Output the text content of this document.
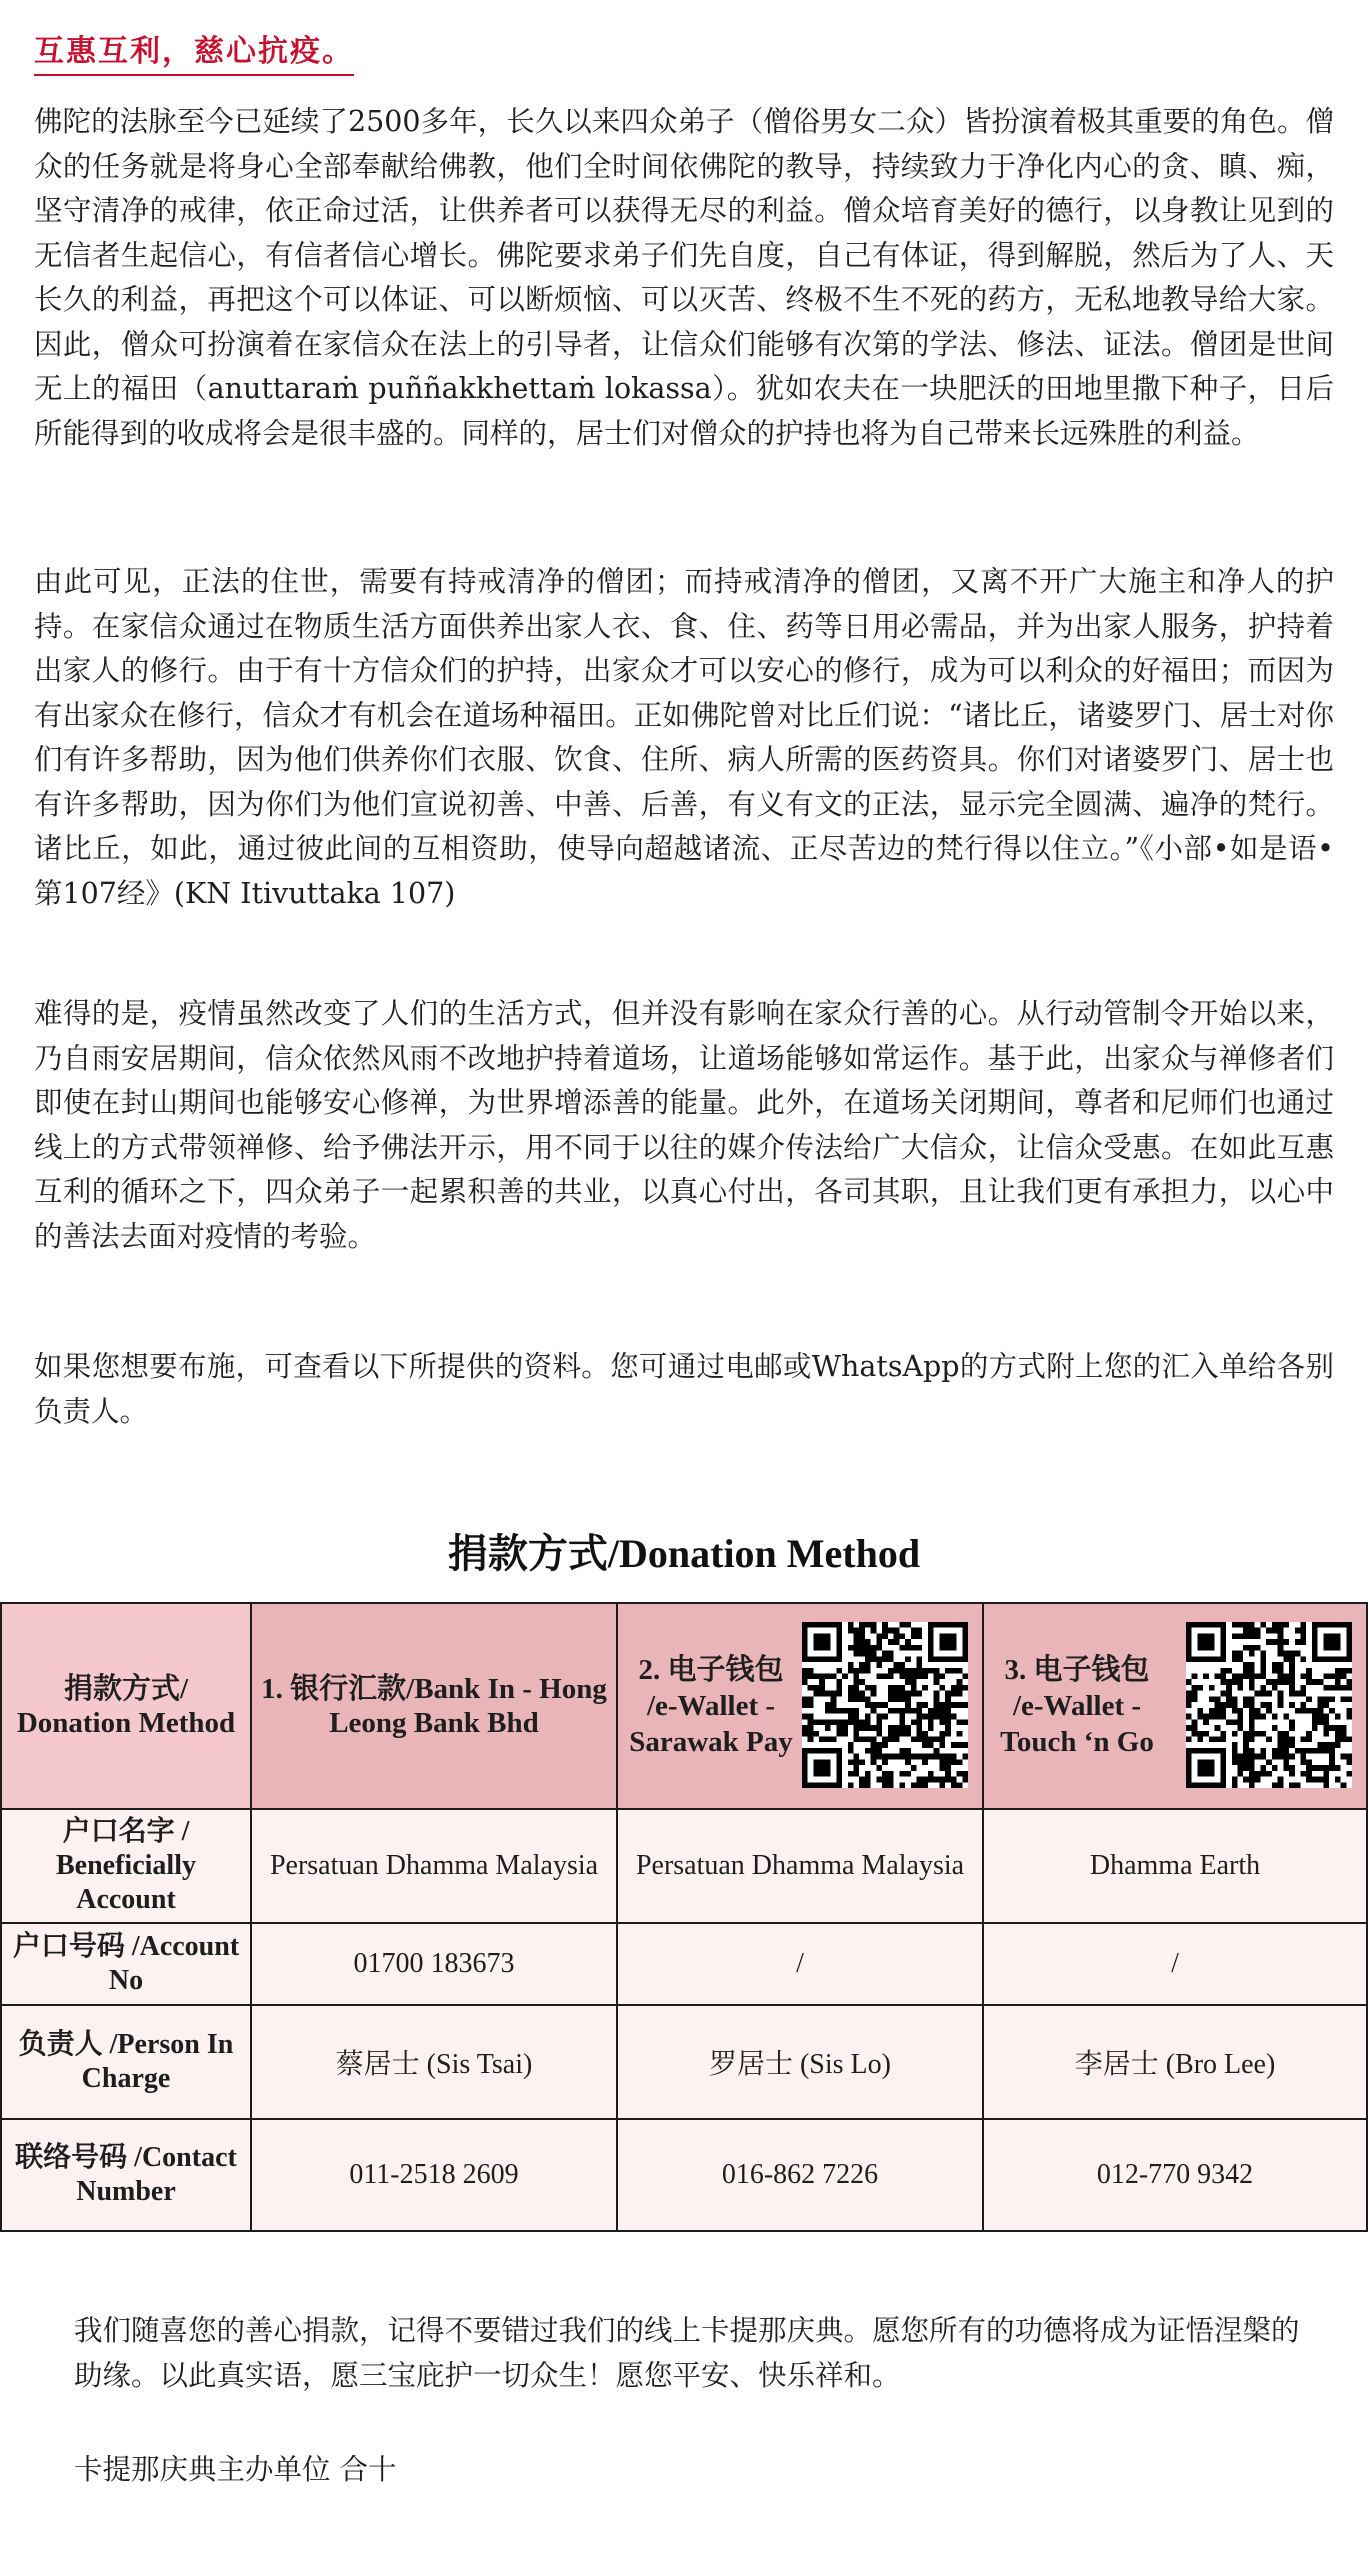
互惠互利，慈心抗疫。

佛陀的法脉至今已延续了2500多年，长久以来四众弟子（僧俗男女二众）皆扮演着极其重要的角色。僧众的任务就是将身心全部奉献给佛教，他们全时间依佛陀的教导，持续致力于净化内心的贪、瞋、痴，坚守清净的戒律，依正命过活，让供养者可以获得无尽的利益。僧众培育美好的德行，以身教让见到的无信者生起信心，有信者信心增长。佛陀要求弟子们先自度，自己有体证，得到解脱，然后为了人、天长久的利益，再把这个可以体证、可以断烦恼、可以灭苦、终极不生不死的药方，无私地教导给大家。因此，僧众可扮演着在家信众在法上的引导者，让信众们能够有次第的学法、修法、证法。僧团是世间无上的福田（anuttaraṁ puññakkhettaṁ lokassa）。犹如农夫在一块肥沃的田地里撒下种子，日后所能得到的收成将会是很丰盛的。同样的，居士们对僧众的护持也将为自己带来长远殊胜的利益。

由此可见，正法的住世，需要有持戒清净的僧团；而持戒清净的僧团，又离不开广大施主和净人的护持。在家信众通过在物质生活方面供养出家人衣、食、住、药等日用必需品，并为出家人服务，护持着出家人的修行。由于有十方信众们的护持，出家众才可以安心的修行，成为可以利众的好福田；而因为有出家众在修行，信众才有机会在道场种福田。正如佛陀曾对比丘们说：“诸比丘，诸婆罗门、居士对你们有许多帮助，因为他们供养你们衣服、饮食、住所、病人所需的医药资具。你们对诸婆罗门、居士也有许多帮助，因为你们为他们宣说初善、中善、后善，有义有文的正法，显示完全圆满、遍净的梵行。诸比丘，如此，通过彼此间的互相资助，使导向超越诸流、正尽苦边的梵行得以住立。”《小部•如是语•第107经》(KN Itivuttaka 107)

难得的是，疫情虽然改变了人们的生活方式，但并没有影响在家众行善的心。从行动管制令开始以来，乃自雨安居期间，信众依然风雨不改地护持着道场，让道场能够如常运作。基于此，出家众与禅修者们即使在封山期间也能够安心修禅，为世界增添善的能量。此外，在道场关闭期间，尊者和尼师们也通过线上的方式带领禅修、给予佛法开示，用不同于以往的媒介传法给广大信众，让信众受惠。在如此互惠互利的循环之下，四众弟子一起累积善的共业，以真心付出，各司其职，且让我们更有承担力，以心中的善法去面对疫情的考验。

如果您想要布施，可查看以下所提供的资料。您可通过电邮或WhatsApp的方式附上您的汇入单给各别负责人。

捐款方式/Donation Method
捐款方式/ Donation Method	1. 银行汇款/Bank In - Hong Leong Bank Bhd	2. 电子钱包 /e-Wallet - Sarawak Pay	3. 电子钱包 /e-Wallet - Touch ‘n Go

户口名字 / Beneficially Account	Persatuan Dhamma Malaysia	Persatuan Dhamma Malaysia	Dhamma Earth
户口号码 /Account No	01700 183673	/	/
负责人 /Person In Charge	蔡居士 (Sis Tsai)	罗居士 (Sis Lo)	李居士 (Bro Lee)
联络号码 /Contact Number	011-2518 2609	016-862 7226	012-770 9342

我们随喜您的善心捐款，记得不要错过我们的线上卡提那庆典。愿您所有的功德将成为证悟涅槃的助缘。以此真实语，愿三宝庇护一切众生！愿您平安、快乐祥和。

卡提那庆典主办单位 合十
